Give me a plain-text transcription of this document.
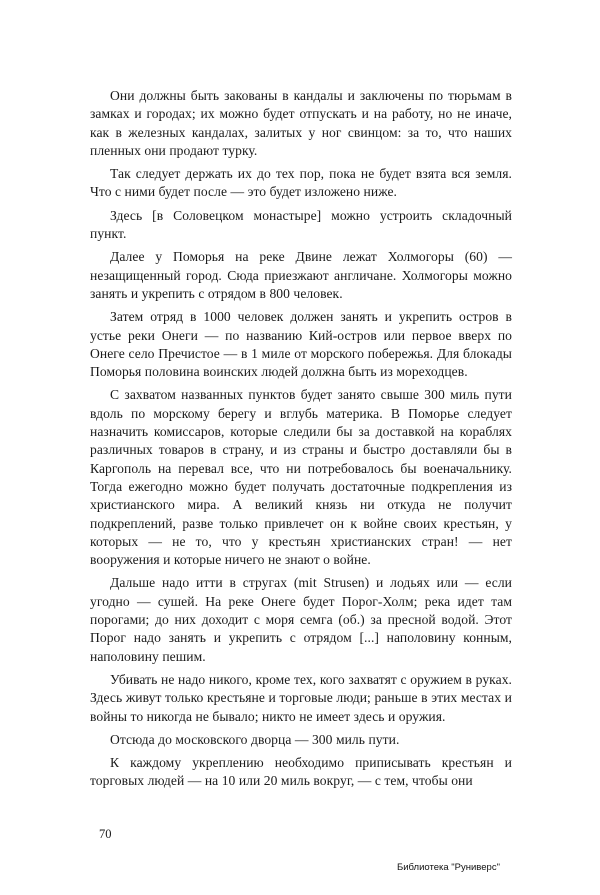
Они должны быть закованы в кандалы и заключены по тюрьмам в замках и городах; их можно будет отпускать и на работу, но не иначе, как в железных кандалах, залитых у ног свинцом: за то, что наших пленных они продают турку.

Так следует держать их до тех пор, пока не будет взята вся земля. Что с ними будет после — это будет изложено ниже.

Здесь [в Соловецком монастыре] можно устроить складочный пункт.

Далее у Поморья на реке Двине лежат Холмогоры (60) — незащищенный город. Сюда приезжают англичане. Холмогоры можно занять и укрепить с отрядом в 800 человек.

Затем отряд в 1000 человек должен занять и укрепить остров в устье реки Онеги — по названию Кий-остров или первое вверх по Онеге село Пречистое — в 1 миле от морского побережья. Для блокады Поморья половина воинских людей должна быть из мореходцев.

С захватом названных пунктов будет занято свыше 300 миль пути вдоль по морскому берегу и вглубь материка. В Поморье следует назначить комиссаров, которые следили бы за доставкой на кораблях различных товаров в страну, и из страны и быстро доставляли бы в Каргополь на перевал все, что ни потребовалось бы военачальнику. Тогда ежегодно можно будет получать достаточные подкрепления из христианского мира. А великий князь ни откуда не получит подкреплений, разве только привлечет он к войне своих крестьян, у которых — не то, что у крестьян христианских стран! — нет вооружения и которые ничего не знают о войне.

Дальше надо итти в стругах (mit Strusen) и лодьях или — если угодно — сушей. На реке Онеге будет Порог-Холм; река идет там порогами; до них доходит с моря семга (об.) за пресной водой. Этот Порог надо занять и укрепить с отрядом [...] наполовину конным, наполовину пешим.

Убивать не надо никого, кроме тех, кого захватят с оружием в руках. Здесь живут только крестьяне и торговые люди; раньше в этих местах и войны то никогда не бывало; никто не имеет здесь и оружия.

Отсюда до московского дворца — 300 миль пути.

К каждому укреплению необходимо приписывать крестьян и торговых людей — на 10 или 20 миль вокруг, — с тем, чтобы они

70
Библиотека "Руниверс"
